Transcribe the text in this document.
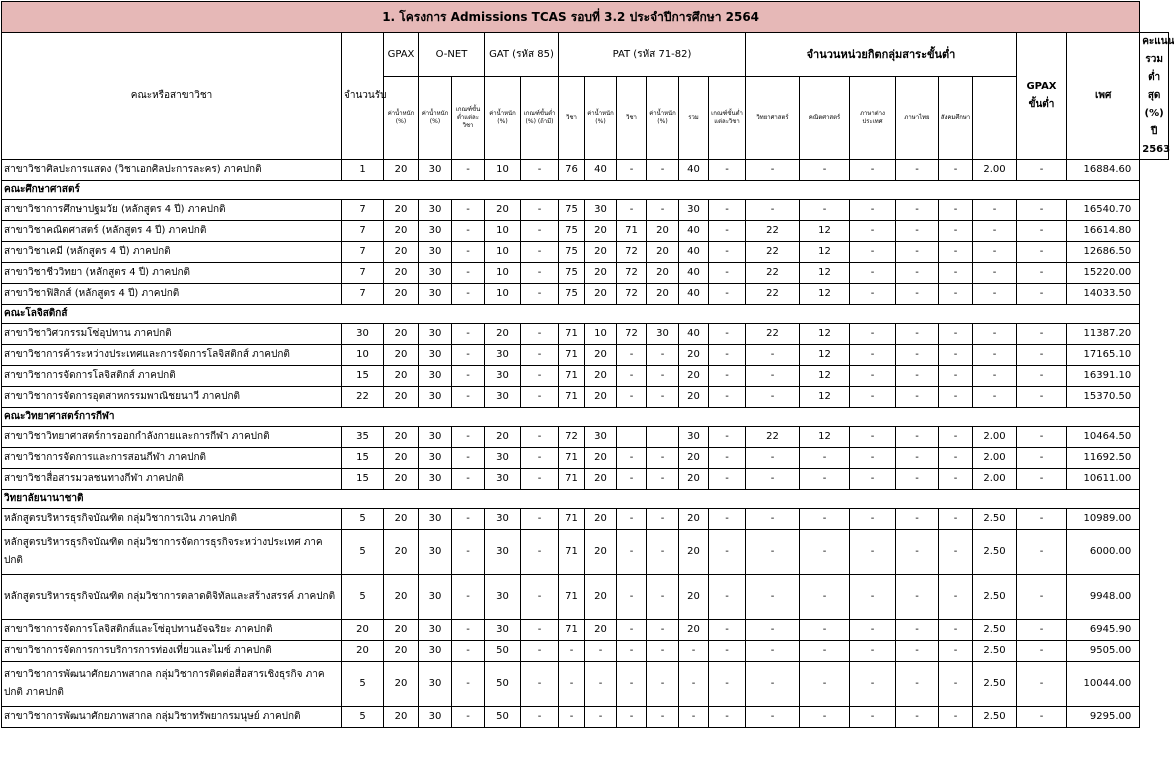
1. โครงการ Admissions TCAS รอบที่ 3.2 ประจำปีการศึกษา 2564																					
คณะหรือสาขาวิชา	จำนวนรับ	GPAX	O-NET		GAT (รหัส 85)		PAT (รหัส 71-82)						จำนวนหน่วยกิตกลุ่มสาระขั้นต่ำ						GPAX ขั้นต่ำ	เพศ	คะแนนรวมต่ำสุด (%) ปี 2563
		ค่าน้ำหนัก (%)	ค่าน้ำหนัก (%)	เกณฑ์ขั้นต่ำแต่ละวิชา	ค่าน้ำหนัก (%)	เกณฑ์ขั้นต่ำ (%) (ถ้ามี)	วิชา	ค่าน้ำหนัก (%)	วิชา	ค่าน้ำหนัก (%)	รวม	เกณฑ์ขั้นต่ำแต่ละวิชา	วิทยาศาสตร์	คณิตศาสตร์	ภาษาต่างประเทศ	ภาษาไทย	สังคมศึกษา				
สาขาวิชาศิลปะการแสดง (วิชาเอกศิลปะการละคร) ภาคปกติ	1	20	30	-	10	-	76	40	-	-	40	-	-	-	-	-	-	2.00	-	16884.60	
คณะศึกษาศาสตร์																					
สาขาวิชาการศึกษาปฐมวัย (หลักสูตร 4 ปี) ภาคปกติ	7	20	30	-	20	-	75	30	-	-	30	-	-	-	-	-	-	-	-	16540.70	
สาขาวิชาคณิตศาสตร์ (หลักสูตร 4 ปี) ภาคปกติ	7	20	30	-	10	-	75	20	71	20	40	-	22	12	-	-	-	-	-	16614.80	
สาขาวิชาเคมี (หลักสูตร 4 ปี) ภาคปกติ	7	20	30	-	10	-	75	20	72	20	40	-	22	12	-	-	-	-	-	12686.50	
สาขาวิชาชีววิทยา (หลักสูตร 4 ปี) ภาคปกติ	7	20	30	-	10	-	75	20	72	20	40	-	22	12	-	-	-	-	-	15220.00	
สาขาวิชาฟิสิกส์ (หลักสูตร 4 ปี) ภาคปกติ	7	20	30	-	10	-	75	20	72	20	40	-	22	12	-	-	-	-	-	14033.50	
คณะโลจิสติกส์																					
สาขาวิชาวิศวกรรมโซ่อุปทาน ภาคปกติ	30	20	30	-	20	-	71	10	72	30	40	-	22	12	-	-	-	-	-	11387.20	
สาขาวิชาการค้าระหว่างประเทศและการจัดการโลจิสติกส์ ภาคปกติ	10	20	30	-	30	-	71	20	-	-	20	-	-	12	-	-	-	-	-	17165.10	
สาขาวิชาการจัดการโลจิสติกส์ ภาคปกติ	15	20	30	-	30	-	71	20	-	-	20	-	-	12	-	-	-	-	-	16391.10	
สาขาวิชาการจัดการอุตสาหกรรมพาณิชยนาวี ภาคปกติ	22	20	30	-	30	-	71	20	-	-	20	-	-	12	-	-	-	-	-	15370.50	
คณะวิทยาศาสตร์การกีฬา																					
สาขาวิชาวิทยาศาสตร์การออกกำลังกายและการกีฬา ภาคปกติ	35	20	30	-	20	-	72	30			30	-	22	12	-	-	-	2.00	-	10464.50	
สาขาวิชาการจัดการและการสอนกีฬา ภาคปกติ	15	20	30	-	30	-	71	20	-	-	20	-	-	-	-	-	-	2.00	-	11692.50	
สาขาวิชาสื่อสารมวลชนทางกีฬา ภาคปกติ	15	20	30	-	30	-	71	20	-	-	20	-	-	-	-	-	-	2.00	-	10611.00	
วิทยาลัยนานาชาติ																					
หลักสูตรบริหารธุรกิจบัณฑิต กลุ่มวิชาการเงิน ภาคปกติ	5	20	30	-	30	-	71	20	-	-	20	-	-	-	-	-	-	2.50	-	10989.00	
หลักสูตรบริหารธุรกิจบัณฑิต กลุ่มวิชาการจัดการธุรกิจระหว่างประเทศ ภาคปกติ	5	20	30	-	30	-	71	20	-	-	20	-	-	-	-	-	-	2.50	-	6000.00	
หลักสูตรบริหารธุรกิจบัณฑิต กลุ่มวิชาการตลาดดิจิทัลและสร้างสรรค์ ภาคปกติ	5	20	30	-	30	-	71	20	-	-	20	-	-	-	-	-	-	2.50	-	9948.00	
สาขาวิชาการจัดการโลจิสติกส์และโซ่อุปทานอัจฉริยะ ภาคปกติ	20	20	30	-	30	-	71	20	-	-	20	-	-	-	-	-	-	2.50	-	6945.90	
สาขาวิชาการจัดการการบริการการท่องเที่ยวและไมซ์ ภาคปกติ	20	20	30	-	50	-	-	-	-	-	-	-	-	-	-	-	-	2.50	-	9505.00	
สาขาวิชาการพัฒนาศักยภาพสากล กลุ่มวิชาการติดต่อสื่อสารเชิงธุรกิจ ภาคปกติ ภาคปกติ	5	20	30	-	50	-	-	-	-	-	-	-	-	-	-	-	-	2.50	-	10044.00	
สาขาวิชาการพัฒนาศักยภาพสากล กลุ่มวิชาทรัพยากรมนุษย์ ภาคปกติ	5	20	30	-	50	-	-	-	-	-	-	-	-	-	-	-	-	2.50	-	9295.00	
